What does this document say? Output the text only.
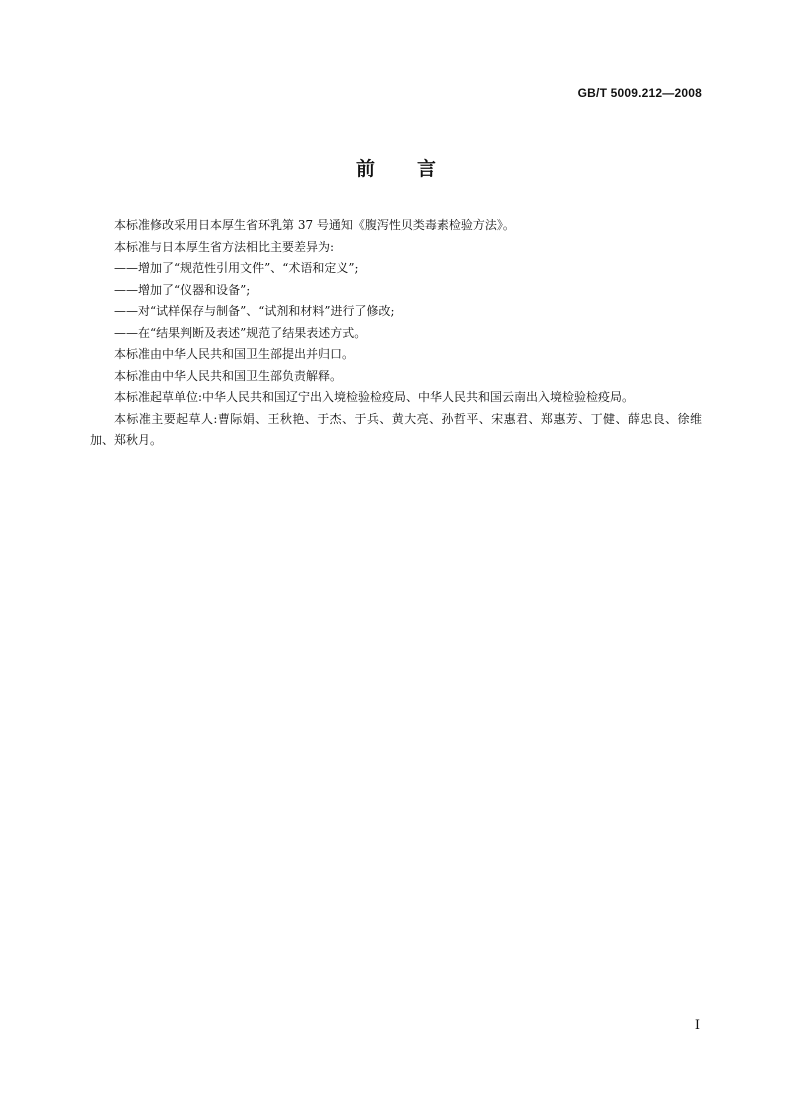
GB/T 5009.212—2008
前言

本标准修改采用日本厚生省环乳第 37 号通知《腹泻性贝类毒素检验方法》。

本标准与日本厚生省方法相比主要差异为:

——增加了“规范性引用文件”、“术语和定义”;

——增加了“仪器和设备”;

——对“试样保存与制备”、“试剂和材料”进行了修改;

——在“结果判断及表述”规范了结果表述方式。

本标准由中华人民共和国卫生部提出并归口。

本标准由中华人民共和国卫生部负责解释。

本标准起草单位:中华人民共和国辽宁出入境检验检疫局、中华人民共和国云南出入境检验检疫局。

本标准主要起草人:曹际娟、王秋艳、于杰、于兵、黄大亮、孙哲平、宋惠君、郑惠芳、丁健、薛忠良、徐维加、郑秋月。

I
